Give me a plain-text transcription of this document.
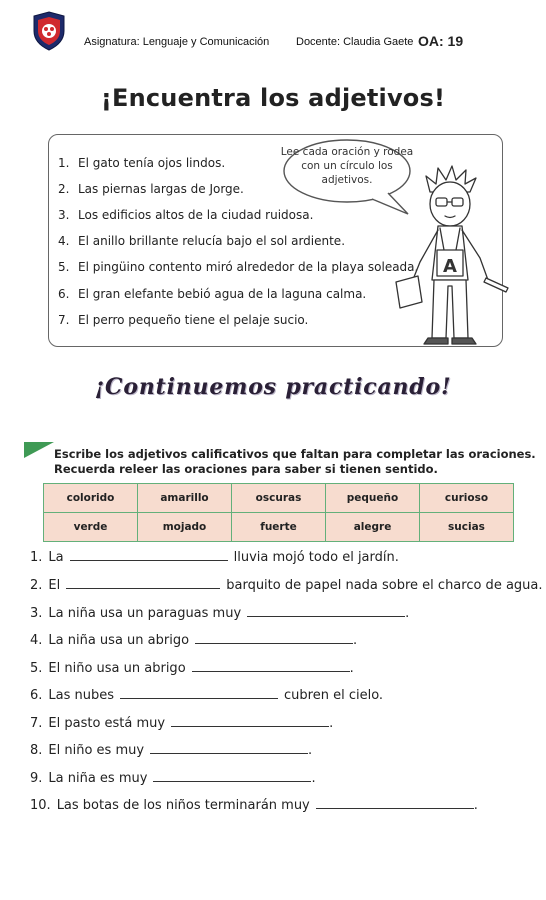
Asignatura: Lenguaje y Comunicación Docente: Claudia Gaete OA: 19
¡Encuentra los adjetivos!
Lee cada oración y rodea con un círculo los adjetivos.
1. El gato tenía ojos lindos.
2. Las piernas largas de Jorge.
3. Los edificios altos de la ciudad ruidosa.
4. El anillo brillante relucía bajo el sol ardiente.
5. El pingüino contento miró alrededor de la playa soleada.
6. El gran elefante bebió agua de la laguna calma.
7. El perro pequeño tiene el pelaje sucio.
A
¡Continuemos practicando!
Escribe los adjetivos calificativos que faltan para completar las oraciones.
Recuerda releer las oraciones para saber si tienen sentido.
colorido	amarillo	oscuras	pequeño	curioso
verde	mojado	fuerte	alegre	sucias
1. La	lluvia mojó todo el jardín.
2. El	barquito de papel nada sobre el charco de agua.
3. La niña usa un paraguas muy	.
4. La niña usa un abrigo	.
5. El niño usa un abrigo	.
6. Las nubes	cubren el cielo.
7. El pasto está muy	.
8. El niño es muy	.
9. La niña es muy	.
10. Las botas de los niños terminarán muy	.
